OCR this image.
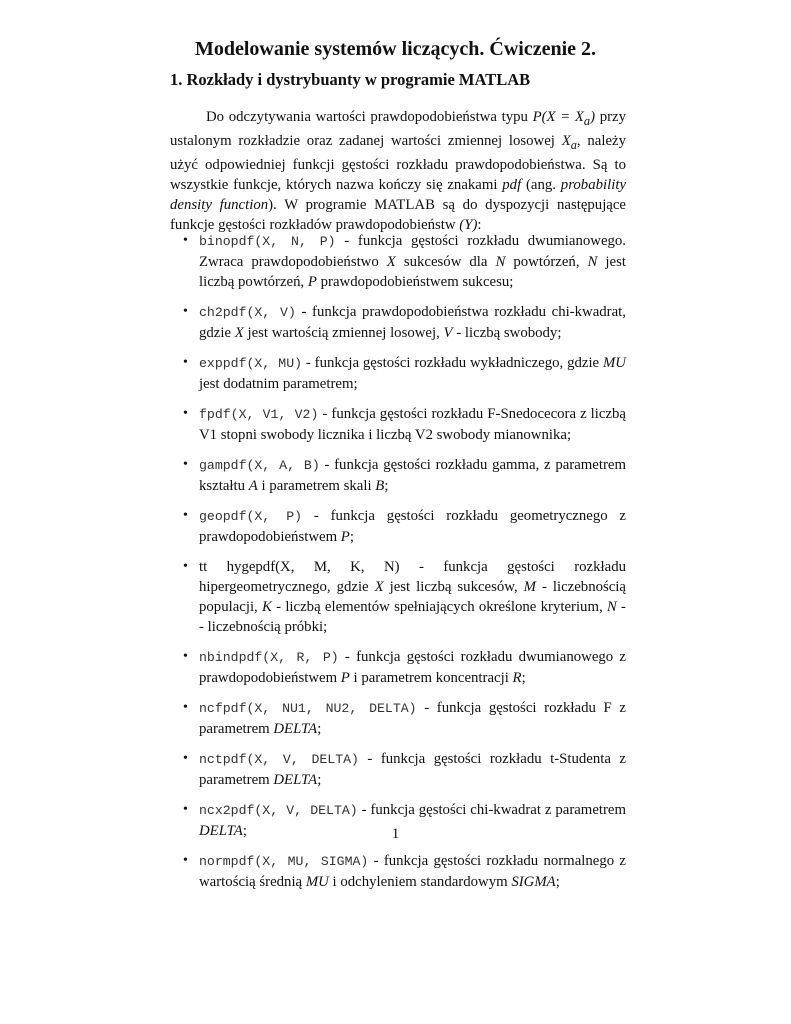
Modelowanie systemów liczących. Ćwiczenie 2.
1. Rozkłady i dystrybuanty w programie MATLAB

Do odczytywania wartości prawdopodobieństwa typu $P(X = X_a)$ przy ustalonym rozkładzie oraz zadanej wartości zmiennej losowej $X_a$, należy użyć odpowiedniej funkcji gęstości rozkładu prawdopodobieństwa. Są to wszystkie funkcje, których nazwa kończy się znakami pdf (ang. probability density function). W programie MATLAB są do dyspozycji następujące funkcje gęstości rozkładów prawdopodobieństw (Y):

• binopdf(X, N, P) - funkcja gęstości rozkładu dwumianowego. Zwraca prawdopodobieństwo X sukcesów dla N powtórzeń, N jest liczbą powtórzeń, P prawdopodobieństwem sukcesu;
• ch2pdf(X, V) - funkcja prawdopodobieństwa rozkładu chi-kwadrat, gdzie X jest wartością zmiennej losowej, V - liczbą swobody;
• exppdf(X, MU) - funkcja gęstości rozkładu wykładniczego, gdzie MU jest dodatnim parametrem;
• fpdf(X, V1, V2) - funkcja gęstości rozkładu F-Snedocecora z liczbą V1 stopni swobody licznika i liczbą V2 swobody mianownika;
• gampdf(X, A, B) - funkcja gęstości rozkładu gamma, z parametrem kształtu A i parametrem skali B;
• geopdf(X, P) - funkcja gęstości rozkładu geometrycznego z prawdopodobieństwem P;
• tt hygepdf(X, M, K, N) - funkcja gęstości rozkładu hipergeometrycznego, gdzie X jest liczbą sukcesów, M - liczebnością populacji, K - liczbą elementów spełniających określone kryterium, N - - liczebnością próbki;
• nbindpdf(X, R, P) - funkcja gęstości rozkładu dwumianowego z prawdopodobieństwem P i parametrem koncentracji R;
• ncfpdf(X, NU1, NU2, DELTA) - funkcja gęstości rozkładu F z parametrem DELTA;
• nctpdf(X, V, DELTA) - funkcja gęstości rozkładu t-Studenta z parametrem DELTA;
• ncx2pdf(X, V, DELTA) - funkcja gęstości chi-kwadrat z parametrem DELTA;
• normpdf(X, MU, SIGMA) - funkcja gęstości rozkładu normalnego z wartością średnią MU i odchyleniem standardowym SIGMA;
1
